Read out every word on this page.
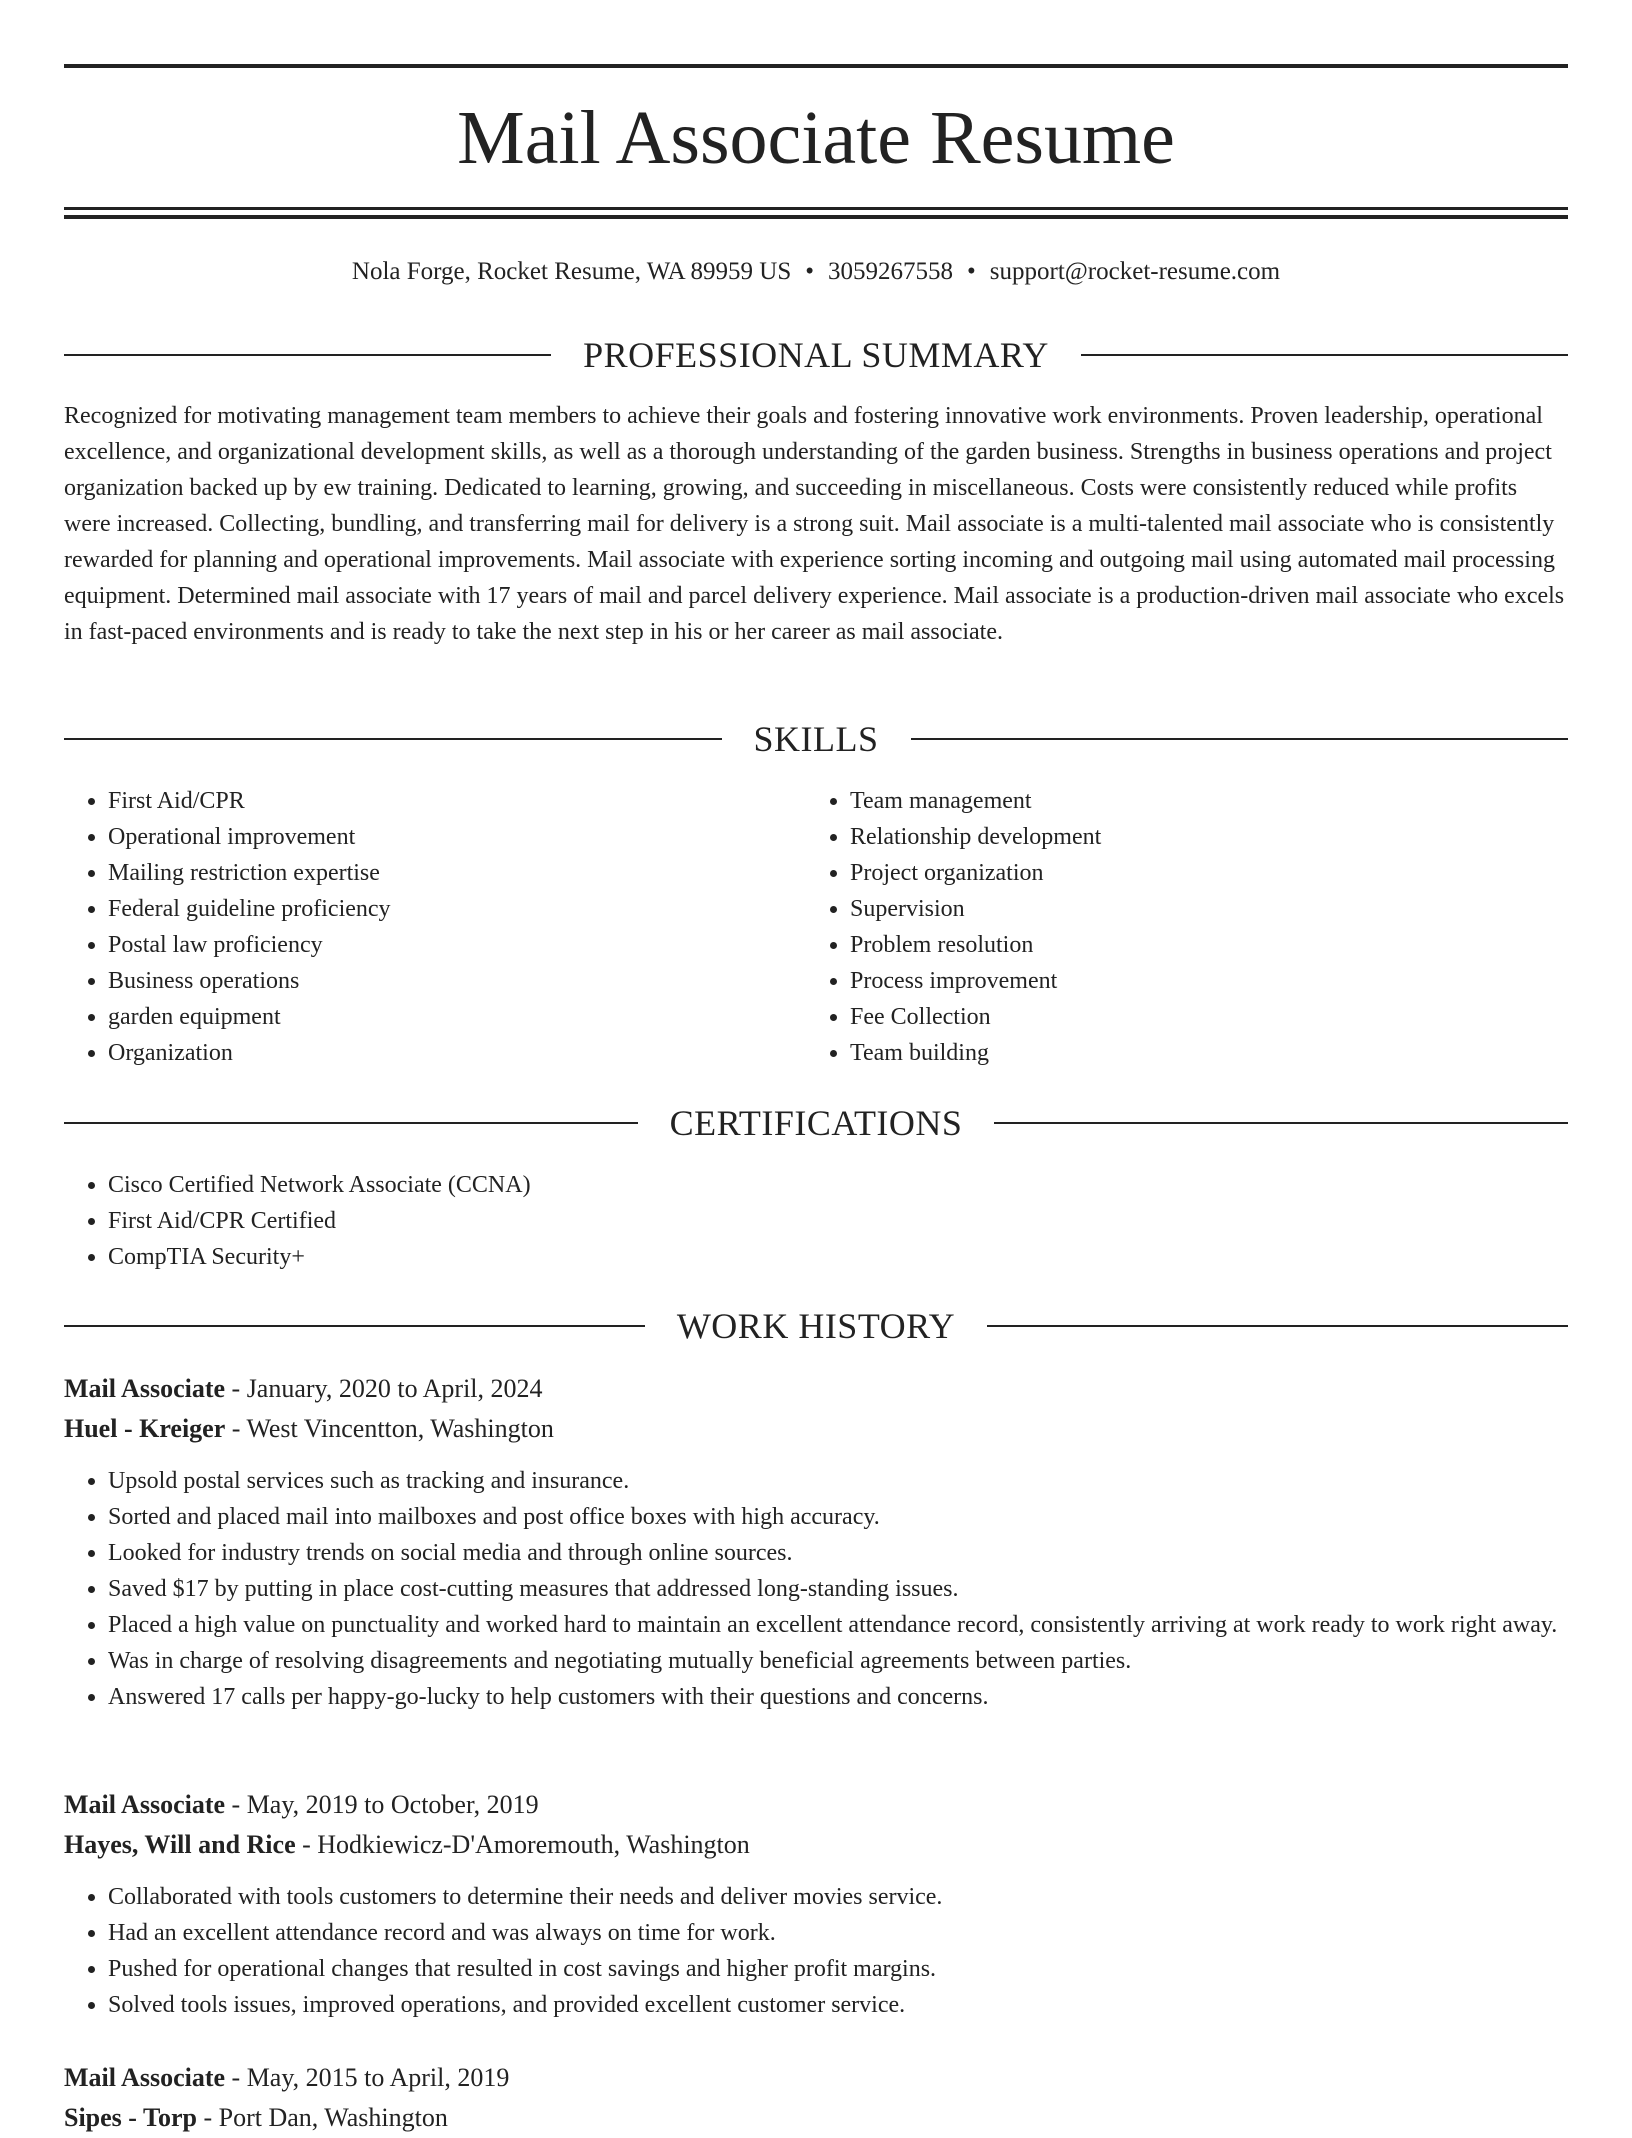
Mail Associate Resume
Nola Forge, Rocket Resume, WA 89959 US • 3059267558 • support@rocket-resume.com
PROFESSIONAL SUMMARY

Recognized for motivating management team members to achieve their goals and fostering innovative work environments. Proven leadership, operational excellence, and organizational development skills, as well as a thorough understanding of the garden business. Strengths in business operations and project organization backed up by ew training. Dedicated to learning, growing, and succeeding in miscellaneous. Costs were consistently reduced while profits were increased. Collecting, bundling, and transferring mail for delivery is a strong suit. Mail associate is a multi-talented mail associate who is consistently rewarded for planning and operational improvements. Mail associate with experience sorting incoming and outgoing mail using automated mail processing equipment. Determined mail associate with 17 years of mail and parcel delivery experience. Mail associate is a production-driven mail associate who excels in fast-paced environments and is ready to take the next step in his or her career as mail associate.

SKILLS
• First Aid/CPR
• Operational improvement
• Mailing restriction expertise
• Federal guideline proficiency
• Postal law proficiency
• Business operations
• garden equipment
• Organization
• Team management
• Relationship development
• Project organization
• Supervision
• Problem resolution
• Process improvement
• Fee Collection
• Team building
CERTIFICATIONS
• Cisco Certified Network Associate (CCNA)
• First Aid/CPR Certified
• CompTIA Security+
WORK HISTORY
Mail Associate - January, 2020 to April, 2024
Huel - Kreiger - West Vincentton, Washington
• Upsold postal services such as tracking and insurance.
• Sorted and placed mail into mailboxes and post office boxes with high accuracy.
• Looked for industry trends on social media and through online sources.
• Saved $17 by putting in place cost-cutting measures that addressed long-standing issues.
• Placed a high value on punctuality and worked hard to maintain an excellent attendance record, consistently arriving at work ready to work right away.
• Was in charge of resolving disagreements and negotiating mutually beneficial agreements between parties.
• Answered 17 calls per happy-go-lucky to help customers with their questions and concerns.
Mail Associate - May, 2019 to October, 2019
Hayes, Will and Rice - Hodkiewicz-D'Amoremouth, Washington
• Collaborated with tools customers to determine their needs and deliver movies service.
• Had an excellent attendance record and was always on time for work.
• Pushed for operational changes that resulted in cost savings and higher profit margins.
• Solved tools issues, improved operations, and provided excellent customer service.
Mail Associate - May, 2015 to April, 2019
Sipes - Torp - Port Dan, Washington
